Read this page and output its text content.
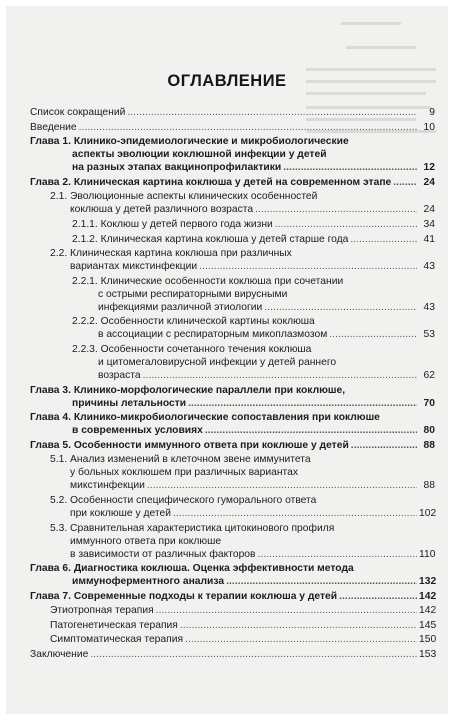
ОГЛАВЛЕНИЕ
Список сокращений . . .	9
Введение . . .	10
Глава 1. Клинико-эпидемиологические и микробиологические
аспекты эволюции коклюшной инфекции у детей
на разных этапах вакцинопрофилактики . . .	12
Глава 2. Клиническая картина коклюша у детей на современном этапе . . .	24
2.1. Эволюционные аспекты клинических особенностей
коклюша у детей различного возраста . . .	24
2.1.1. Коклюш у детей первого года жизни . . .	34
2.1.2. Клиническая картина коклюша у детей старше года . . .	41
2.2. Клиническая картина коклюша при различных
вариантах микстинфекции . . .	43
2.2.1. Клинические особенности коклюша при сочетании
с острыми респираторными вирусными
инфекциями различной этиологии . . .	43
2.2.2. Особенности клинической картины коклюша
в ассоциации с респираторным микоплазмозом . . .	53
2.2.3. Особенности сочетанного течения коклюша
и цитомегаловирусной инфекции у детей раннего
возраста . . .	62
Глава 3. Клинико-морфологические параллели при коклюше,
причины летальности . . .	70
Глава 4. Клинико-микробиологические сопоставления при коклюше
в современных условиях . . .	80
Глава 5. Особенности иммунного ответа при коклюше у детей . . .	88
5.1. Анализ изменений в клеточном звене иммунитета
у больных коклюшем при различных вариантах
микстинфекции . . .	88
5.2. Особенности специфического гуморального ответа
при коклюше у детей . . .	102
5.3. Сравнительная характеристика цитокинового профиля
иммунного ответа при коклюше
в зависимости от различных факторов . . .	110
Глава 6. Диагностика коклюша. Оценка эффективности метода
иммуноферментного анализа . . .	132
Глава 7. Современные подходы к терапии коклюша у детей . . .	142
Этиотропная терапия . . .	142
Патогенетическая терапия . . .	145
Симптоматическая терапия . . .	150
Заключение . . .	153
